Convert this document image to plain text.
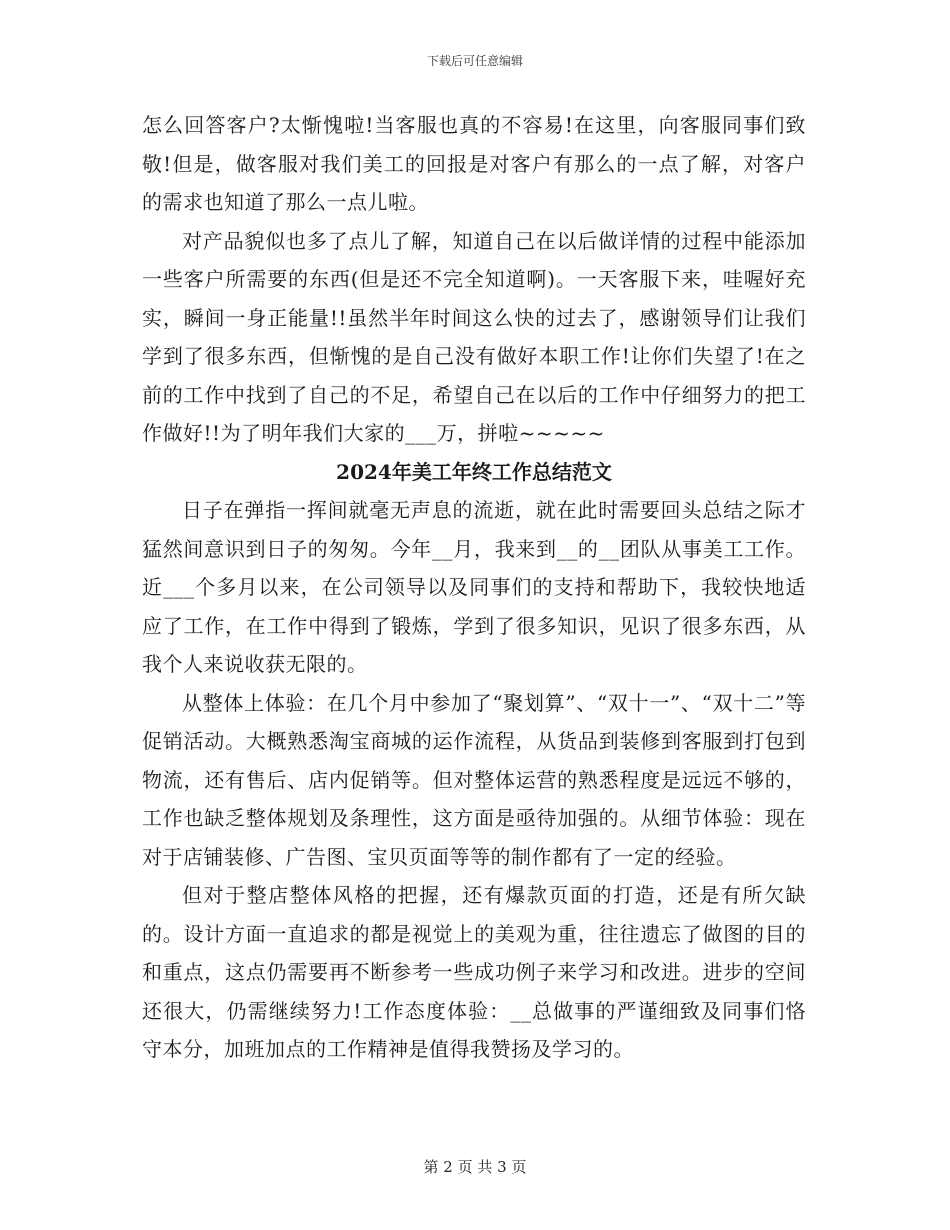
下载后可任意编辑

怎么回答客户?太惭愧啦!当客服也真的不容易!在这里，向客服同事们致敬!但是，做客服对我们美工的回报是对客户有那么的一点了解，对客户的需求也知道了那么一点儿啦。

对产品貌似也多了点儿了解，知道自己在以后做详情的过程中能添加一些客户所需要的东西(但是还不完全知道啊)。一天客服下来，哇喔好充实，瞬间一身正能量!!虽然半年时间这么快的过去了，感谢领导们让我们学到了很多东西，但惭愧的是自己没有做好本职工作!让你们失望了!在之前的工作中找到了自己的不足，希望自己在以后的工作中仔细努力的把工作做好!!为了明年我们大家的___万，拼啦~~~~~

2024年美工年终工作总结范文

日子在弹指一挥间就毫无声息的流逝，就在此时需要回头总结之际才猛然间意识到日子的匆匆。今年__月，我来到__的__团队从事美工工作。近___个多月以来，在公司领导以及同事们的支持和帮助下，我较快地适应了工作，在工作中得到了锻炼，学到了很多知识，见识了很多东西，从我个人来说收获无限的。

从整体上体验：在几个月中参加了“聚划算”、“双十一”、“双十二”等促销活动。大概熟悉淘宝商城的运作流程，从货品到装修到客服到打包到物流，还有售后、店内促销等。但对整体运营的熟悉程度是远远不够的，工作也缺乏整体规划及条理性，这方面是亟待加强的。从细节体验：现在对于店铺装修、广告图、宝贝页面等等的制作都有了一定的经验。

但对于整店整体风格的把握，还有爆款页面的打造，还是有所欠缺的。设计方面一直追求的都是视觉上的美观为重，往往遗忘了做图的目的和重点，这点仍需要再不断参考一些成功例子来学习和改进。进步的空间还很大，仍需继续努力!工作态度体验：__总做事的严谨细致及同事们恪守本分，加班加点的工作精神是值得我赞扬及学习的。

第 2 页 共 3 页
